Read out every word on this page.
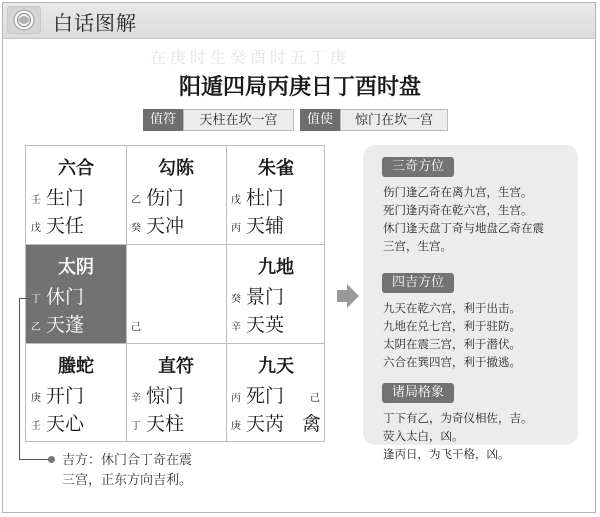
白话图解
在庚时生癸酉时五丁庚
阳遁四局丙庚日丁酉时盘
值符	天柱在坎一宫	值使	惊门在坎一宫
六合
壬 生门
戊 天任
勾陈
乙 伤门
癸 天冲
朱雀
戊 杜门
丙 天辅
太阴
丁 休门
乙 天蓬	己
九地
癸 景门
辛 天英
螣蛇
庚 开门
壬 天心
直符
辛 惊门
丁 天柱
九天
丙 死门
庚 天芮
己
禽
吉方：休门合丁奇在震
三宫，正东方向吉利。
三奇方位
伤门逢乙奇在离九宫，生宫。
死门逢丙奇在乾六宫，生宫。
休门逢天盘丁奇与地盘乙奇在震
三宫，生宫。
四吉方位
九天在乾六宫，利于出击。
九地在兑七宫，利于驻防。
太阴在震三宫，利于潜伏。
六合在巽四宫，利于撤逃。
诸局格象
丁下有乙，为奇仪相佐，吉。
荧入太白，凶。
逢丙日，为飞干格，凶。
